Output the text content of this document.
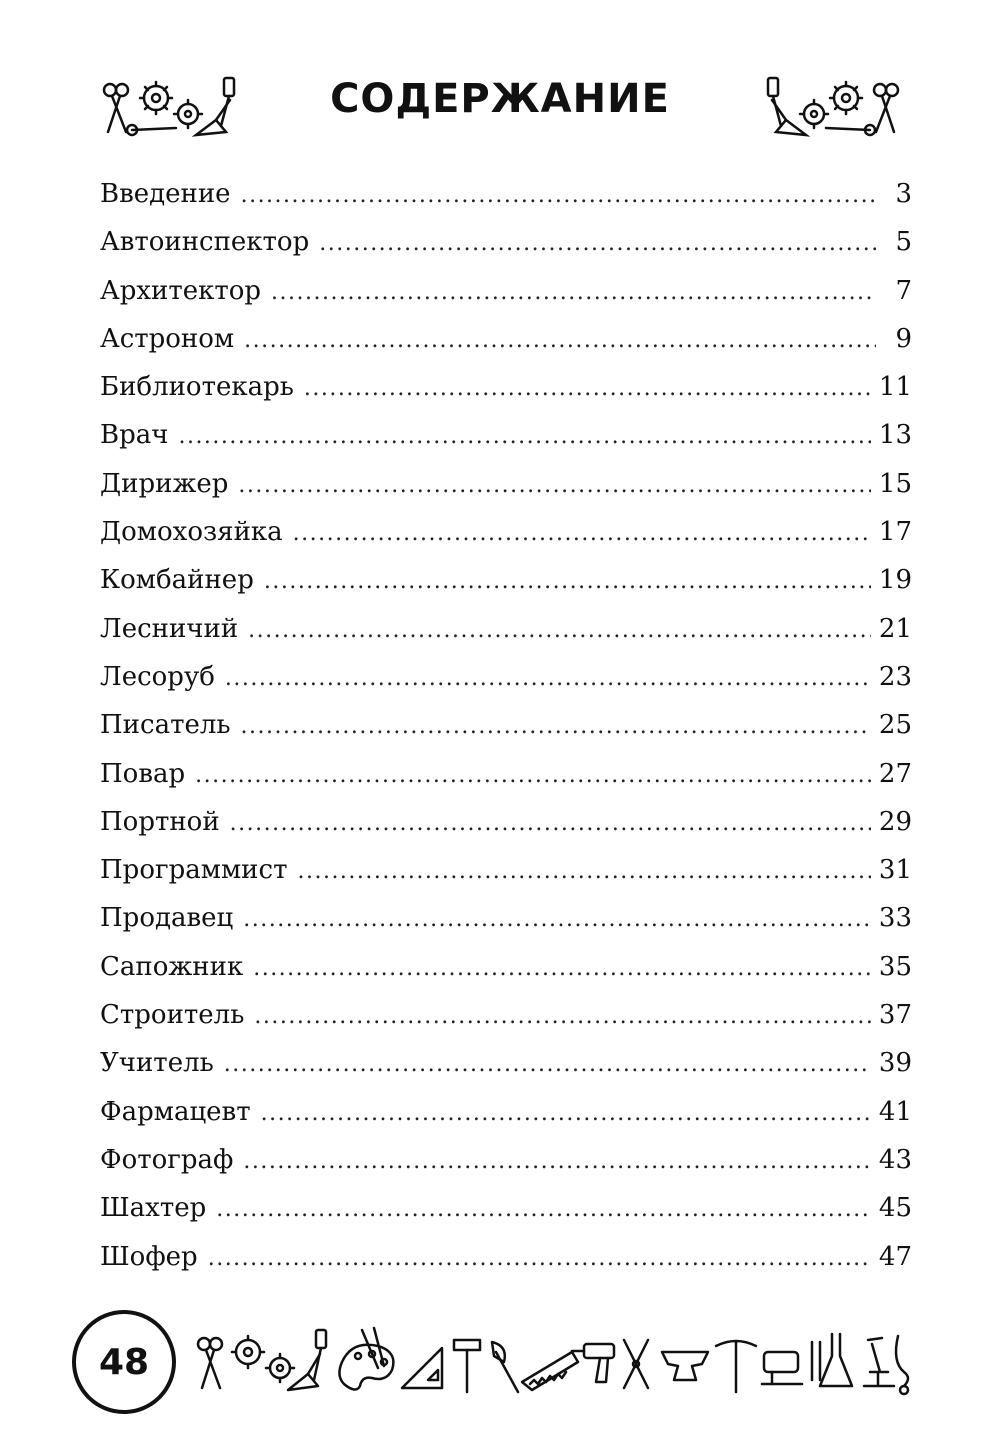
СОДЕРЖАНИЕ
Введение .....	3
Автоинспектор .....	5
Архитектор .....	7
Астроном .....	9
Библиотекарь .....	11
Врач .....	13
Дирижер .....	15
Домохозяйка .....	17
Комбайнер .....	19
Лесничий .....	21
Лесоруб .....	23
Писатель .....	25
Повар .....	27
Портной .....	29
Программист .....	31
Продавец .....	33
Сапожник .....	35
Строитель .....	37
Учитель .....	39
Фармацевт .....	41
Фотограф .....	43
Шахтер .....	45
Шофер .....	47
48
